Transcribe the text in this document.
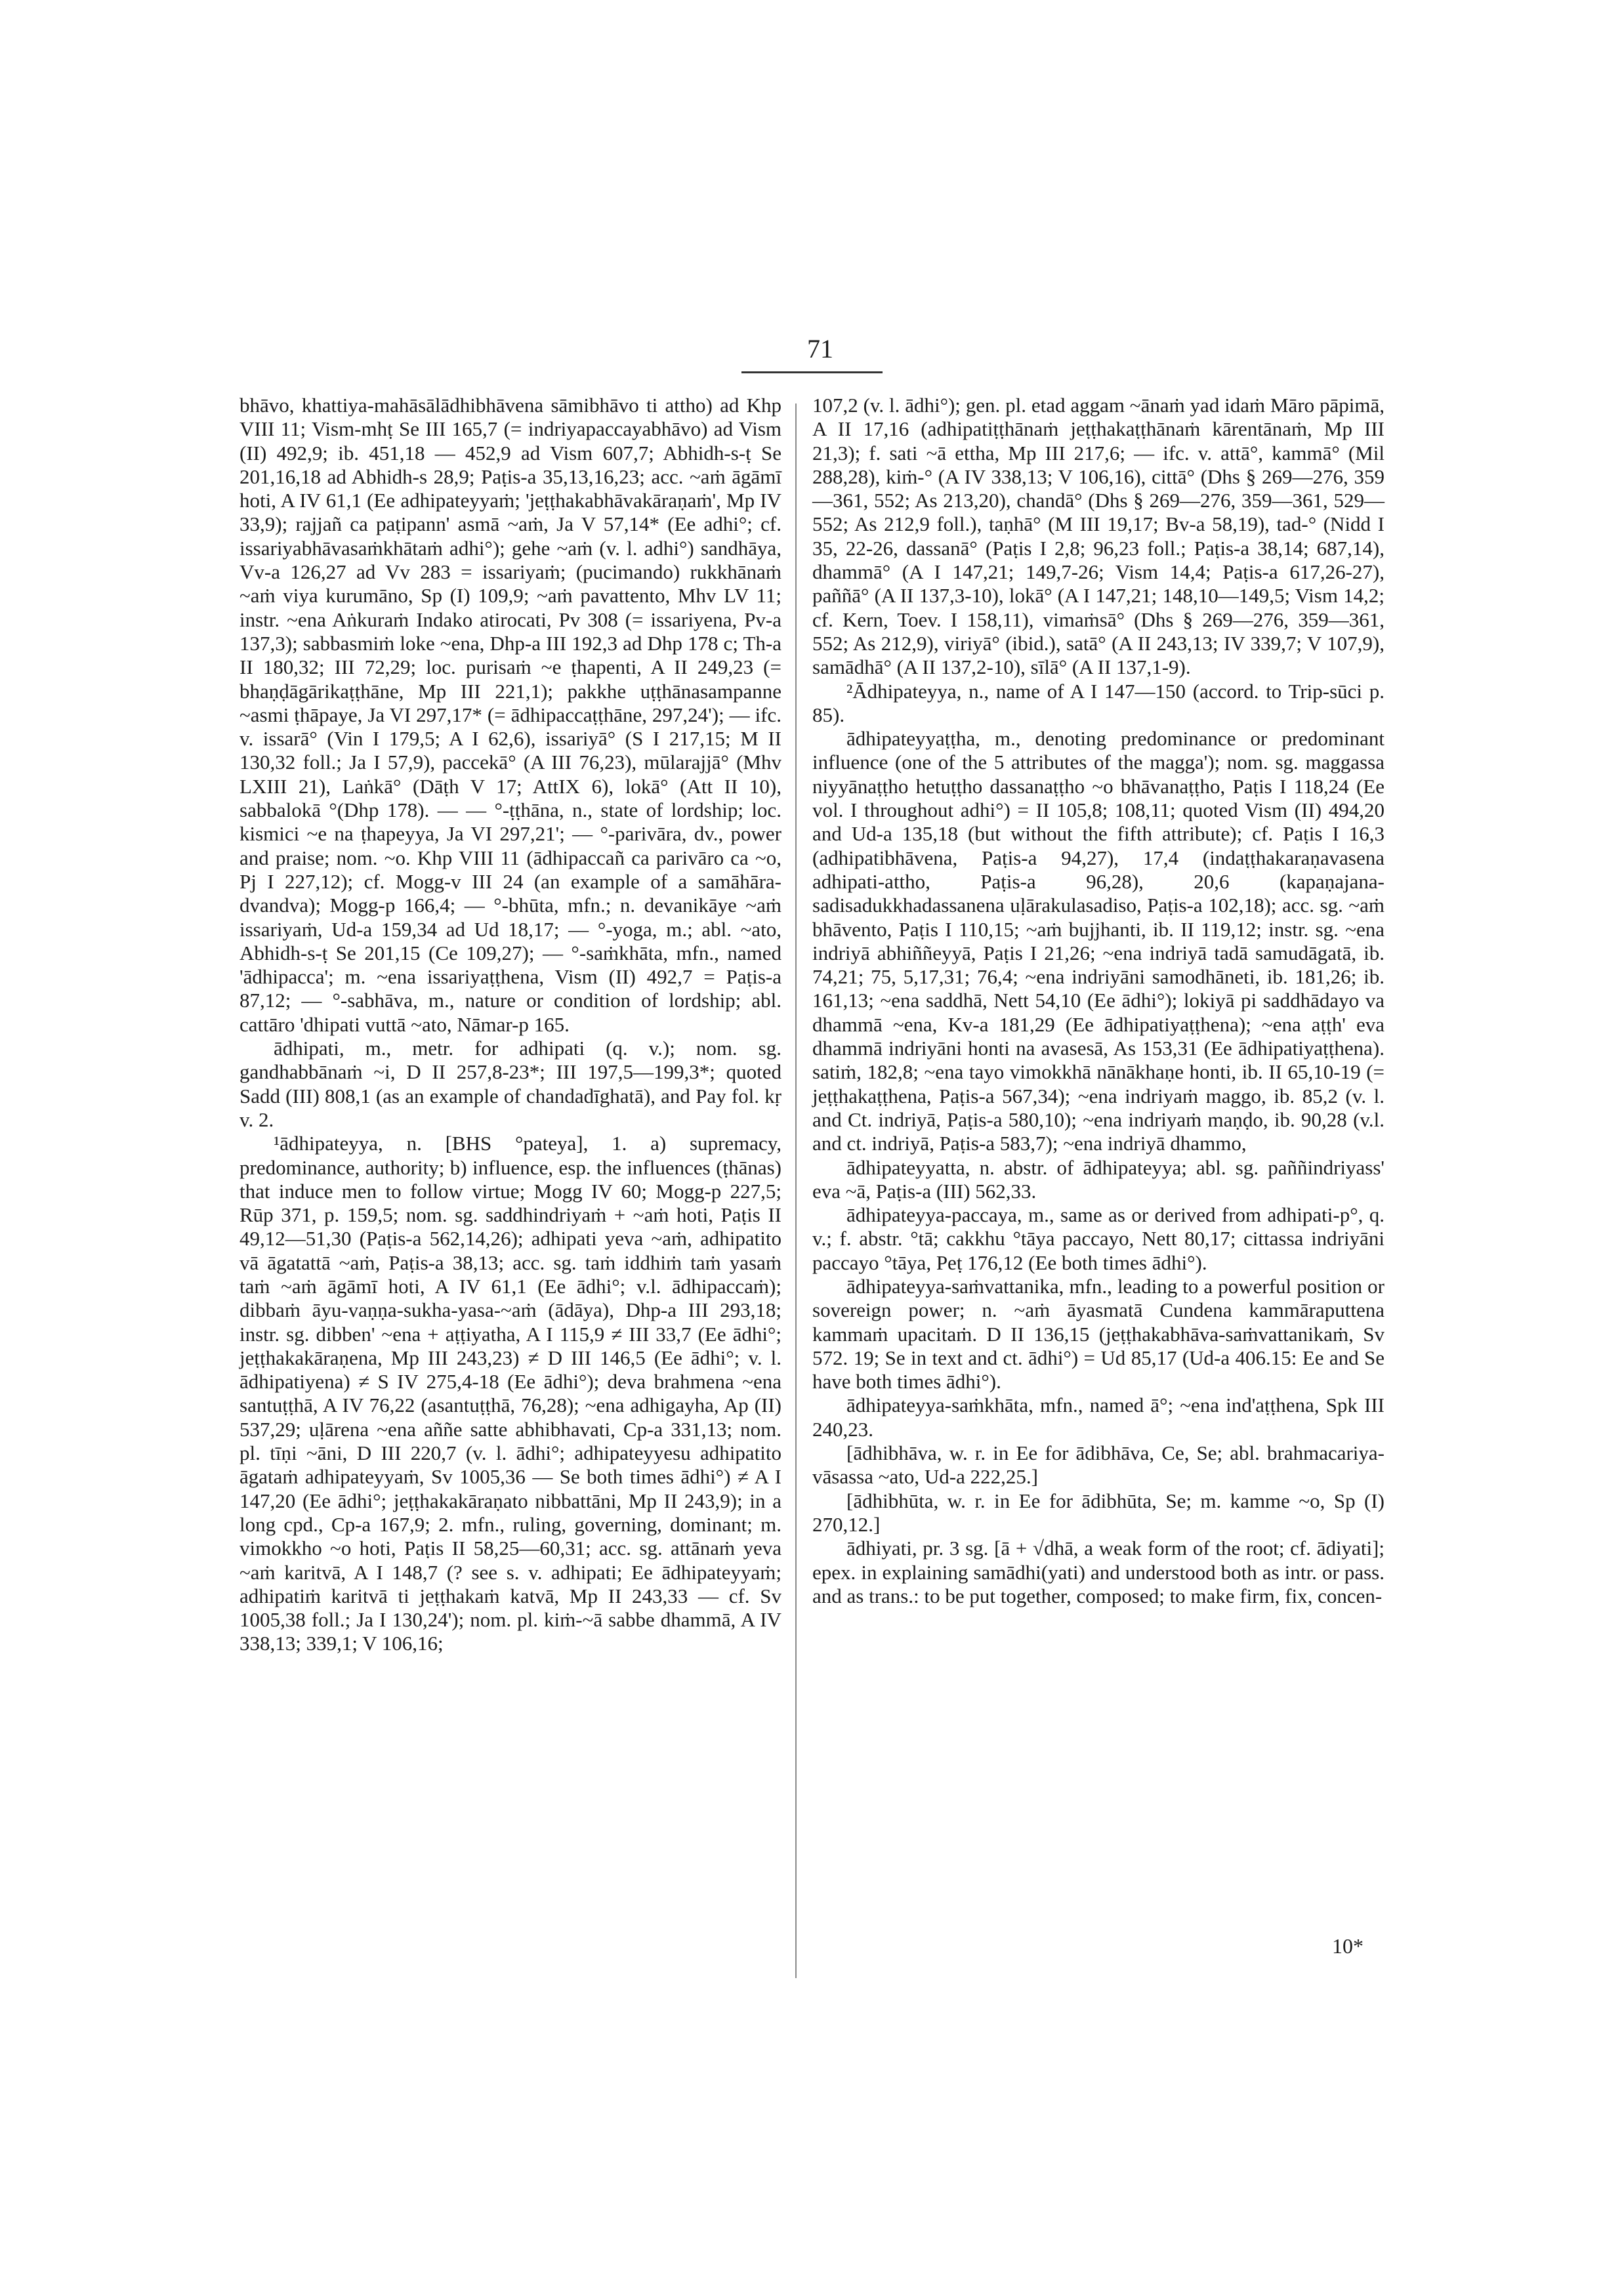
71

bhāvo, khattiya-mahāsālādhibhāvena sāmibhāvo ti attho) ad Khp VIII 11; Vism-mhṭ Se III 165,7 (= indriyapaccayabhāvo) ad Vism (II) 492,9; ib. 451,18 — 452,9 ad Vism 607,7; Abhidh-s-ṭ Se 201,16,18 ad Abhidh-s 28,9; Paṭis-a 35,13,16,23; acc. ~aṁ āgāmī hoti, A IV 61,1 (Ee adhipateyyaṁ; 'jeṭṭhakabhāvakāraṇaṁ', Mp IV 33,9); rajjañ ca paṭipann' asmā ~aṁ, Ja V 57,14* (Ee adhi°; cf. issariyabhāvasaṁkhātaṁ adhi°); gehe ~aṁ (v. l. adhi°) sandhāya, Vv-a 126,27 ad Vv 283 = issariyaṁ; (pucimando) rukkhānaṁ ~aṁ viya kurumāno, Sp (I) 109,9; ~aṁ pavattento, Mhv LV 11; instr. ~ena Aṅkuraṁ Indako atirocati, Pv 308 (= issariyena, Pv-a 137,3); sabbasmiṁ loke ~ena, Dhp-a III 192,3 ad Dhp 178 c; Th-a II 180,32; III 72,29; loc. purisaṁ ~e ṭhapenti, A II 249,23 (= bhaṇḍāgārikaṭṭhāne, Mp III 221,1); pakkhe uṭṭhānasampanne ~asmi ṭhāpaye, Ja VI 297,17* (= ādhipaccaṭṭhāne, 297,24'); — ifc. v. issarā° (Vin I 179,5; A I 62,6), issariyā° (S I 217,15; M II 130,32 foll.; Ja I 57,9), paccekā° (A III 76,23), mūlarajjā° (Mhv LXIII 21), Laṅkā° (Dāṭh V 17; AttIX 6), lokā° (Att II 10), sabbalokā °(Dhp 178). — — °-ṭṭhāna, n., state of lordship; loc. kismici ~e na ṭhapeyya, Ja VI 297,21'; — °-parivāra, dv., power and praise; nom. ~o. Khp VIII 11 (ādhipaccañ ca parivāro ca ~o, Pj I 227,12); cf. Mogg-v III 24 (an example of a samāhāra-dvandva); Mogg-p 166,4; — °-bhūta, mfn.; n. devanikāye ~aṁ issariyaṁ, Ud-a 159,34 ad Ud 18,17; — °-yoga, m.; abl. ~ato, Abhidh-s-ṭ Se 201,15 (Ce 109,27); — °-saṁkhāta, mfn., named 'ādhipacca'; m. ~ena issariyaṭṭhena, Vism (II) 492,7 = Paṭis-a 87,12; — °-sabhāva, m., nature or condition of lordship; abl. cattāro 'dhipati vuttā ~ato, Nāmar-p 165.

ādhipati, m., metr. for adhipati (q. v.); nom. sg. gandhabbānaṁ ~i, D II 257,8-23*; III 197,5—199,3*; quoted Sadd (III) 808,1 (as an example of chandadīghatā), and Pay fol. kṛ v. 2.

¹ādhipateyya, n. [BHS °pateya], 1. a) supremacy, predominance, authority; b) influence, esp. the influences (ṭhānas) that induce men to follow virtue; Mogg IV 60; Mogg-p 227,5; Rūp 371, p. 159,5; nom. sg. saddhindriyaṁ + ~aṁ hoti, Paṭis II 49,12—51,30 (Paṭis-a 562,14,26); adhipati yeva ~aṁ, adhipatito vā āgatattā ~aṁ, Paṭis-a 38,13; acc. sg. taṁ iddhiṁ taṁ yasaṁ taṁ ~aṁ āgāmī hoti, A IV 61,1 (Ee ādhi°; v.l. ādhipaccaṁ); dibbaṁ āyu-vaṇṇa-sukha-yasa-~aṁ (ādāya), Dhp-a III 293,18; instr. sg. dibben' ~ena + aṭṭiyatha, A I 115,9 ≠ III 33,7 (Ee ādhi°; jeṭṭhakakāraṇena, Mp III 243,23) ≠ D III 146,5 (Ee ādhi°; v. l. ādhipatiyena) ≠ S IV 275,4-18 (Ee ādhi°); deva brahmena ~ena santuṭṭhā, A IV 76,22 (asantuṭṭhā, 76,28); ~ena adhigayha, Ap (II) 537,29; uḷārena ~ena aññe satte abhibhavati, Cp-a 331,13; nom. pl. tīṇi ~āni, D III 220,7 (v. l. ādhi°; adhipateyyesu adhipatito āgataṁ adhipateyyaṁ, Sv 1005,36 — Se both times ādhi°) ≠ A I 147,20 (Ee ādhi°; jeṭṭhakakāraṇato nibbattāni, Mp II 243,9); in a long cpd., Cp-a 167,9; 2. mfn., ruling, governing, dominant; m. vimokkho ~o hoti, Paṭis II 58,25—60,31; acc. sg. attānaṁ yeva ~aṁ karitvā, A I 148,7 (? see s. v. adhipati; Ee ādhipateyyaṁ; adhipatiṁ karitvā ti jeṭṭhakaṁ katvā, Mp II 243,33 — cf. Sv 1005,38 foll.; Ja I 130,24'); nom. pl. kiṁ-~ā sabbe dhammā, A IV 338,13; 339,1; V 106,16;

107,2 (v. l. ādhi°); gen. pl. etad aggam ~ānaṁ yad idaṁ Māro pāpimā, A II 17,16 (adhipatiṭṭhānaṁ jeṭṭhakaṭṭhānaṁ kārentānaṁ, Mp III 21,3); f. sati ~ā ettha, Mp III 217,6; — ifc. v. attā°, kammā° (Mil 288,28), kiṁ-° (A IV 338,13; V 106,16), cittā° (Dhs § 269—276, 359—361, 552; As 213,20), chandā° (Dhs § 269—276, 359—361, 529—552; As 212,9 foll.), taṇhā° (M III 19,17; Bv-a 58,19), tad-° (Nidd I 35, 22-26, dassanā° (Paṭis I 2,8; 96,23 foll.; Paṭis-a 38,14; 687,14), dhammā° (A I 147,21; 149,7-26; Vism 14,4; Paṭis-a 617,26-27), paññā° (A II 137,3-10), lokā° (A I 147,21; 148,10—149,5; Vism 14,2; cf. Kern, Toev. I 158,11), vimaṁsā° (Dhs § 269—276, 359—361, 552; As 212,9), viriyā° (ibid.), satā° (A II 243,13; IV 339,7; V 107,9), samādhā° (A II 137,2-10), sīlā° (A II 137,1-9).

²Ādhipateyya, n., name of A I 147—150 (accord. to Trip-sūci p. 85).

ādhipateyyaṭṭha, m., denoting predominance or predominant influence (one of the 5 attributes of the magga'); nom. sg. maggassa niyyānaṭṭho hetuṭṭho dassanaṭṭho ~o bhāvanaṭṭho, Paṭis I 118,24 (Ee vol. I throughout adhi°) = II 105,8; 108,11; quoted Vism (II) 494,20 and Ud-a 135,18 (but without the fifth attribute); cf. Paṭis I 16,3 (adhipatibhāvena, Paṭis-a 94,27), 17,4 (indaṭṭhakaraṇavasena adhipati-attho, Paṭis-a 96,28), 20,6 (kapaṇajana-sadisadukkhadassanena uḷārakulasadiso, Paṭis-a 102,18); acc. sg. ~aṁ bhāvento, Paṭis I 110,15; ~aṁ bujjhanti, ib. II 119,12; instr. sg. ~ena indriyā abhiññeyyā, Paṭis I 21,26; ~ena indriyā tadā samudāgatā, ib. 74,21; 75, 5,17,31; 76,4; ~ena indriyāni samodhāneti, ib. 181,26; ib. 161,13; ~ena saddhā, Nett 54,10 (Ee ādhi°); lokiyā pi saddhādayo va dhammā ~ena, Kv-a 181,29 (Ee ādhipatiyaṭṭhena); ~ena aṭṭh' eva dhammā indriyāni honti na avasesā, As 153,31 (Ee ādhipatiyaṭṭhena). satiṁ, 182,8; ~ena tayo vimokkhā nānākhaṇe honti, ib. II 65,10-19 (= jeṭṭhakaṭṭhena, Paṭis-a 567,34); ~ena indriyaṁ maggo, ib. 85,2 (v. l. and Ct. indriyā, Paṭis-a 580,10); ~ena indriyaṁ maṇḍo, ib. 90,28 (v.l. and ct. indriyā, Paṭis-a 583,7); ~ena indriyā dhammo,

ādhipateyyatta, n. abstr. of ādhipateyya; abl. sg. paññindriyass' eva ~ā, Paṭis-a (III) 562,33.

ādhipateyya-paccaya, m., same as or derived from adhipati-p°, q. v.; f. abstr. °tā; cakkhu °tāya paccayo, Nett 80,17; cittassa indriyāni paccayo °tāya, Peṭ 176,12 (Ee both times ādhi°).

ādhipateyya-saṁvattanika, mfn., leading to a powerful position or sovereign power; n. ~aṁ āyasmatā Cundena kammāraputtena kammaṁ upacitaṁ. D II 136,15 (jeṭṭhakabhāva-saṁvattanikaṁ, Sv 572. 19; Se in text and ct. ādhi°) = Ud 85,17 (Ud-a 406.15: Ee and Se have both times ādhi°).

ādhipateyya-saṁkhāta, mfn., named ā°; ~ena ind'aṭṭhena, Spk III 240,23.

[ādhibhāva, w. r. in Ee for ādibhāva, Ce, Se; abl. brahmacariya-vāsassa ~ato, Ud-a 222,25.]

[ādhibhūta, w. r. in Ee for ādibhūta, Se; m. kamme ~o, Sp (I) 270,12.]

ādhiyati, pr. 3 sg. [ā + √dhā, a weak form of the root; cf. ādiyati]; epex. in explaining samādhi(yati) and understood both as intr. or pass. and as trans.: to be put together, composed; to make firm, fix, concen-

10*
